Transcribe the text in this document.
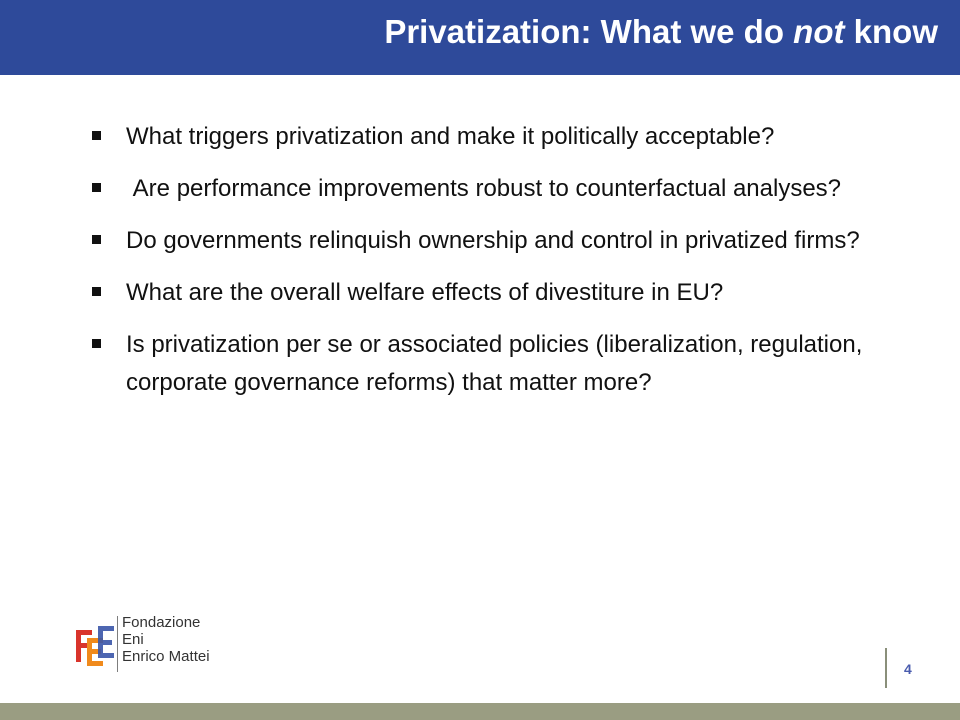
Privatization: What we do not know
What triggers privatization and make it politically acceptable?
Are performance improvements robust to counterfactual analyses?
Do governments relinquish ownership and control in privatized firms?
What are the overall welfare effects of divestiture in EU?
Is privatization per se or associated policies (liberalization, regulation, corporate governance reforms) that matter more?
Fondazione
Eni
Enrico Mattei
4
